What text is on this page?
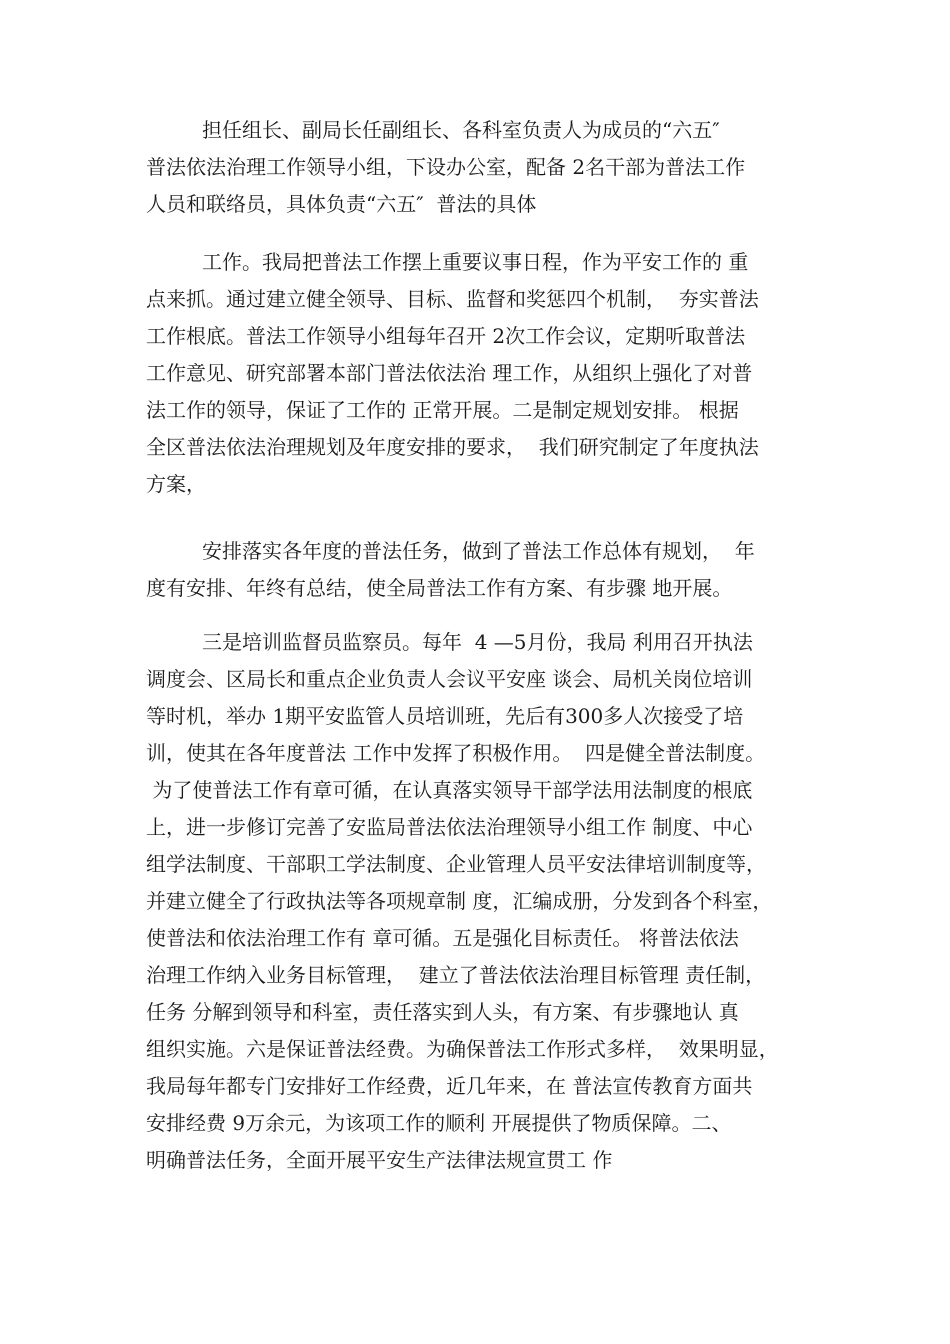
担任组长、副局长任副组长、各科室负责人为成员的“六五″
普法依法治理工作领导小组，下设办公室，配备 2名干部为普法工作
人员和联络员，具体负责“六五″  普法的具体
工作。我局把普法工作摆上重要议事日程，作为平安工作的 重
点来抓。通过建立健全领导、目标、监督和奖惩四个机制，  夯实普法
工作根底。普法工作领导小组每年召开 2次工作会议，定期听取普法
工作意见、研究部署本部门普法依法治 理工作，从组织上强化了对普
法工作的领导，保证了工作的 正常开展。二是制定规划安排。 根据
全区普法依法治理规划及年度安排的要求，  我们研究制定了年度执法
方案，
安排落实各年度的普法任务，做到了普法工作总体有规划，  年
度有安排、年终有总结，使全局普法工作有方案、有步骤 地开展。
三是培训监督员监察员。每年  4 —5月份，我局 利用召开执法
调度会、区局长和重点企业负责人会议平安座 谈会、局机关岗位培训
等时机，举办 1期平安监管人员培训班，先后有300多人次接受了培
训，使其在各年度普法 工作中发挥了积极作用。  四是健全普法制度。
为了使普法工作有章可循，在认真落实领导干部学法用法制度的根底
上，进一步修订完善了安监局普法依法治理领导小组工作 制度、中心
组学法制度、干部职工学法制度、企业管理人员平安法律培训制度等，
并建立健全了行政执法等各项规章制 度，汇编成册，分发到各个科室，
使普法和依法治理工作有 章可循。五是强化目标责任。 将普法依法
治理工作纳入业务目标管理，  建立了普法依法治理目标管理 责任制，
任务 分解到领导和科室，责任落实到人头，有方案、有步骤地认 真
组织实施。六是保证普法经费。为确保普法工作形式多样，  效果明显，
我局每年都专门安排好工作经费，近几年来，在 普法宣传教育方面共
安排经费 9万余元，为该项工作的顺利 开展提供了物质保障。二、
明确普法任务，全面开展平安生产法律法规宣贯工 作
